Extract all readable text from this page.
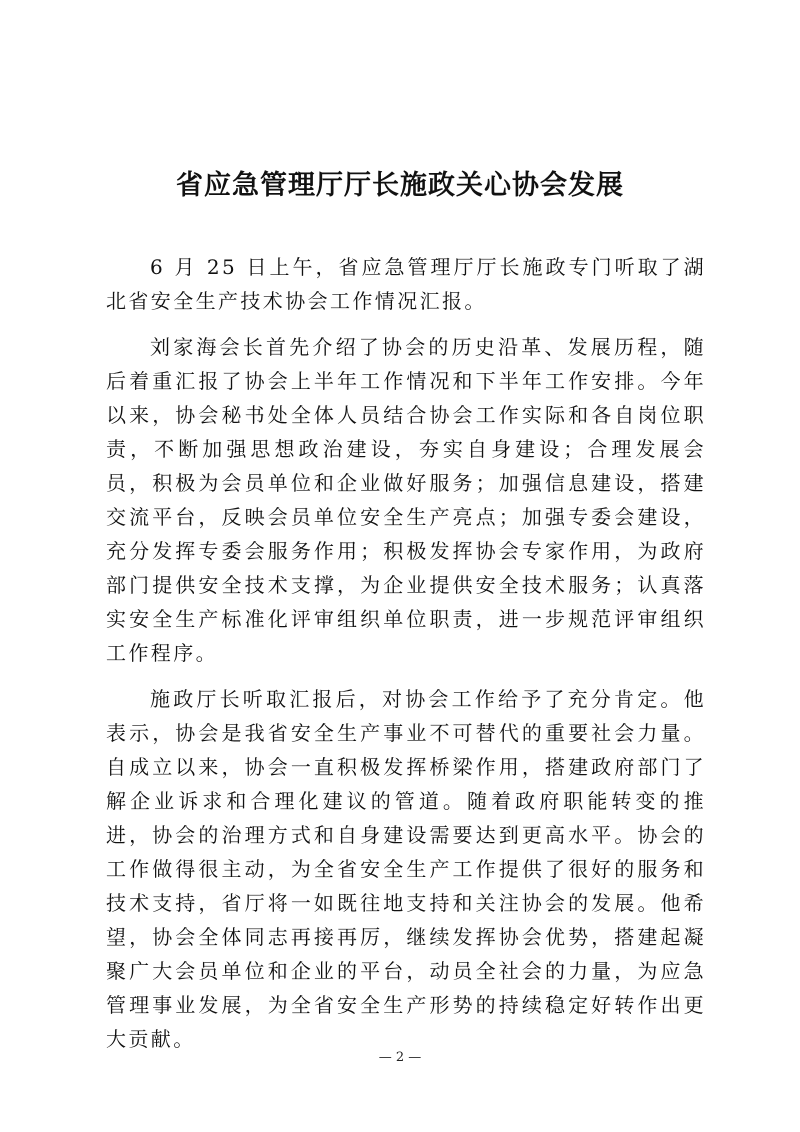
省应急管理厅厅长施政关心协会发展

6 月 25 日上午，省应急管理厅厅长施政专门听取了湖北省安全生产技术协会工作情况汇报。

刘家海会长首先介绍了协会的历史沿革、发展历程，随后着重汇报了协会上半年工作情况和下半年工作安排。今年以来，协会秘书处全体人员结合协会工作实际和各自岗位职责，不断加强思想政治建设，夯实自身建设；合理发展会员，积极为会员单位和企业做好服务；加强信息建设，搭建交流平台，反映会员单位安全生产亮点；加强专委会建设，充分发挥专委会服务作用；积极发挥协会专家作用，为政府部门提供安全技术支撑，为企业提供安全技术服务；认真落实安全生产标准化评审组织单位职责，进一步规范评审组织工作程序。

施政厅长听取汇报后，对协会工作给予了充分肯定。他表示，协会是我省安全生产事业不可替代的重要社会力量。自成立以来，协会一直积极发挥桥梁作用，搭建政府部门了解企业诉求和合理化建议的管道。随着政府职能转变的推进，协会的治理方式和自身建设需要达到更高水平。协会的工作做得很主动，为全省安全生产工作提供了很好的服务和技术支持，省厅将一如既往地支持和关注协会的发展。他希望，协会全体同志再接再厉，继续发挥协会优势，搭建起凝聚广大会员单位和企业的平台，动员全社会的力量，为应急管理事业发展，为全省安全生产形势的持续稳定好转作出更大贡献。

— 2 —
